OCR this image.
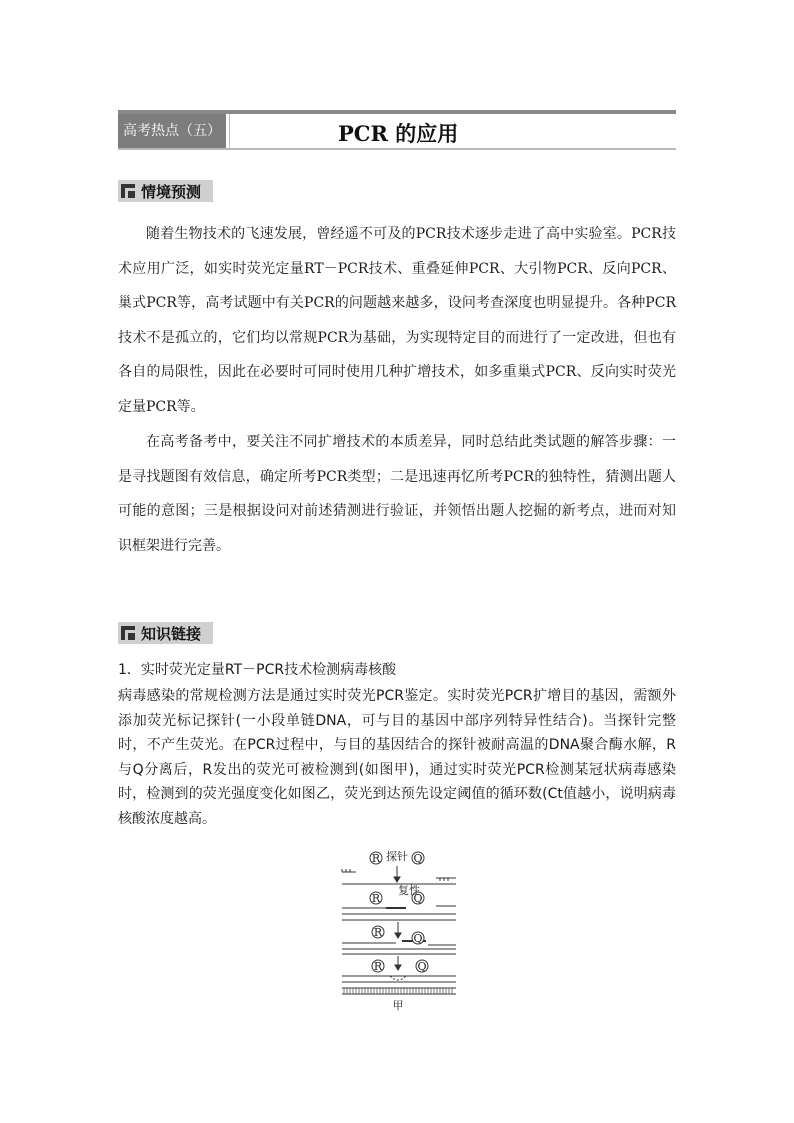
高考热点（五）	PCR 的应用
情境预测

随着生物技术的飞速发展，曾经遥不可及的PCR技术逐步走进了高中实验室。PCR技术应用广泛，如实时荧光定量RT－PCR技术、重叠延伸PCR、大引物PCR、反向PCR、巢式PCR等，高考试题中有关PCR的问题越来越多，设问考查深度也明显提升。各种PCR技术不是孤立的，它们均以常规PCR为基础，为实现特定目的而进行了一定改进，但也有各自的局限性，因此在必要时可同时使用几种扩增技术，如多重巢式PCR、反向实时荧光定量PCR等。

在高考备考中，要关注不同扩增技术的本质差异，同时总结此类试题的解答步骤：一是寻找题图有效信息，确定所考PCR类型；二是迅速再忆所考PCR的独特性，猜测出题人可能的意图；三是根据设问对前述猜测进行验证，并领悟出题人挖掘的新考点，进而对知识框架进行完善。

知识链接

1．实时荧光定量RT－PCR技术检测病毒核酸

病毒感染的常规检测方法是通过实时荧光PCR鉴定。实时荧光PCR扩增目的基因，需额外添加荧光标记探针(一小段单链DNA，可与目的基因中部序列特异性结合)。当探针完整时，不产生荧光。在PCR过程中，与目的基因结合的探针被耐高温的DNA聚合酶水解，R与Q分离后，R发出的荧光可被检测到(如图甲)，通过实时荧光PCR检测某冠状病毒感染时，检测到的荧光强度变化如图乙，荧光到达预先设定阈值的循环数(Ct值越小，说明病毒核酸浓度越高。

R	Q
探针
R	Q
复性
R	Q
R	Q
甲
